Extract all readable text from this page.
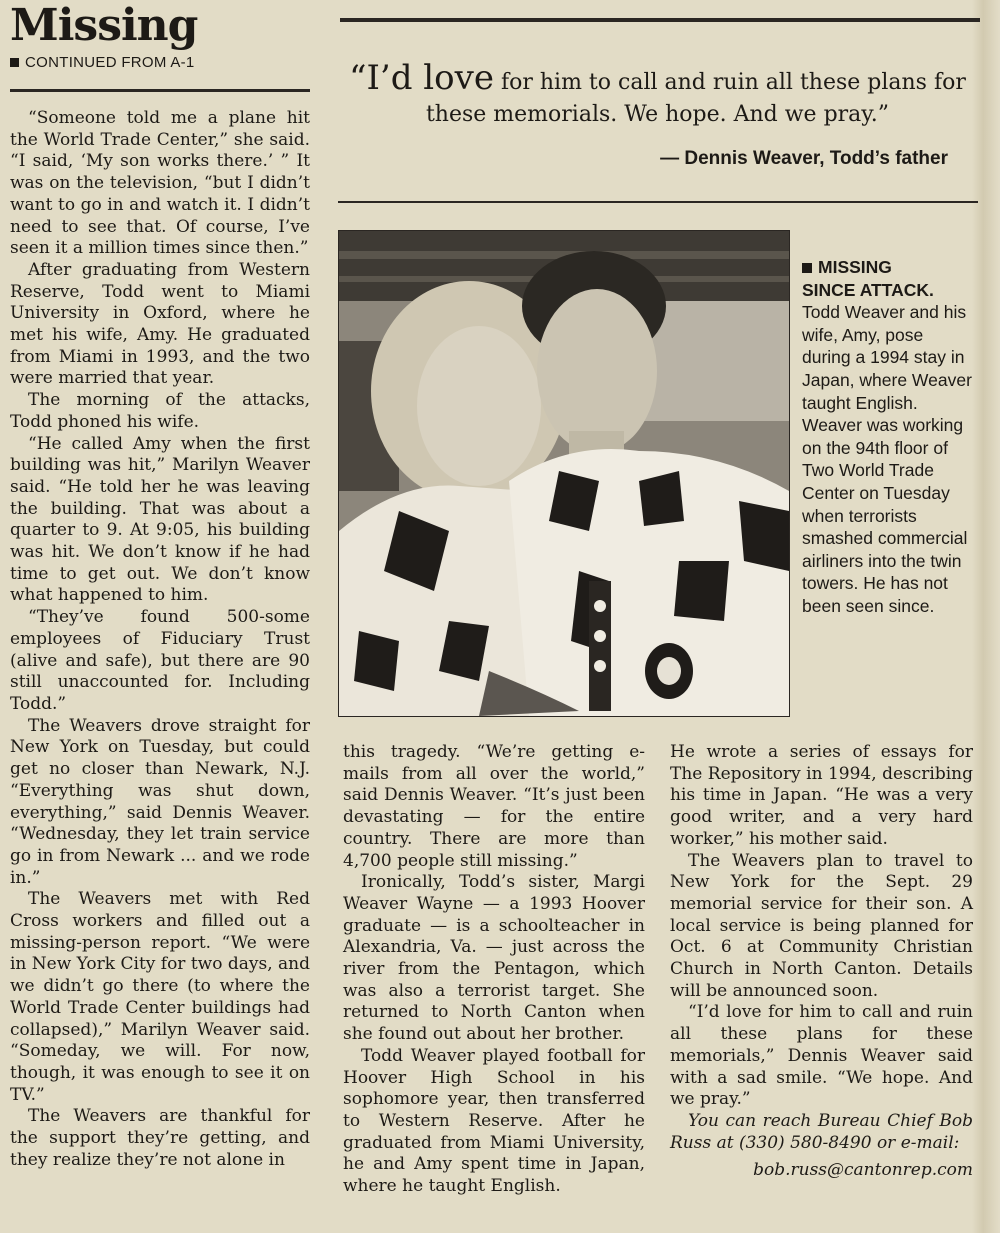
Missing
CONTINUED FROM A-1	“I’d love for him to call and ruin all these plans for these memorials. We hope. And we pray.”
— Dennis Weaver, Todd’s father
MISSING
SINCE ATTACK.
Todd Weaver and his wife, Amy, pose during a 1994 stay in Japan, where Weaver taught English. Weaver was working on the 94th floor of Two World Trade Center on Tuesday when terrorists smashed commercial airliners into the twin towers. He has not been seen since.

“Someone told me a plane hit the World Trade Center,” she said. “I said, ‘My son works there.’ ” It was on the television, “but I didn’t want to go in and watch it. I didn’t need to see that. Of course, I’ve seen it a million times since then.”

After graduating from Western Reserve, Todd went to Miami University in Oxford, where he met his wife, Amy. He graduated from Miami in 1993, and the two were married that year.

The morning of the attacks, Todd phoned his wife.

“He called Amy when the first building was hit,” Marilyn Weaver said. “He told her he was leaving the building. That was about a quarter to 9. At 9:05, his building was hit. We don’t know if he had time to get out. We don’t know what happened to him.

“They’ve found 500-some employees of Fiduciary Trust (alive and safe), but there are 90 still unaccounted for. Including Todd.”

The Weavers drove straight for New York on Tuesday, but could get no closer than Newark, N.J. “Everything was shut down, everything,” said Dennis Weaver. “Wednesday, they let train service go in from Newark ... and we rode in.”

The Weavers met with Red Cross workers and filled out a missing-person report. “We were in New York City for two days, and we didn’t go there (to where the World Trade Center buildings had collapsed),” Marilyn Weaver said. “Someday, we will. For now, though, it was enough to see it on TV.”

The Weavers are thankful for the support they’re getting, and they realize they’re not alone in

this tragedy. “We’re getting e-mails from all over the world,” said Dennis Weaver. “It’s just been devastating — for the entire country. There are more than 4,700 people still missing.”

Ironically, Todd’s sister, Margi Weaver Wayne — a 1993 Hoover graduate — is a schoolteacher in Alexandria, Va. — just across the river from the Pentagon, which was also a terrorist target. She returned to North Canton when she found out about her brother.

Todd Weaver played football for Hoover High School in his sophomore year, then transferred to Western Reserve. After he graduated from Miami University, he and Amy spent time in Japan, where he taught English.

He wrote a series of essays for The Repository in 1994, describing his time in Japan. “He was a very good writer, and a very hard worker,” his mother said.

The Weavers plan to travel to New York for the Sept. 29 memorial service for their son. A local service is being planned for Oct. 6 at Community Christian Church in North Canton. Details will be announced soon.

“I’d love for him to call and ruin all these plans for these memorials,” Dennis Weaver said with a sad smile. “We hope. And we pray.”

You can reach Bureau Chief Bob Russ at (330) 580-8490 or e-mail:

bob.russ@cantonrep.com
